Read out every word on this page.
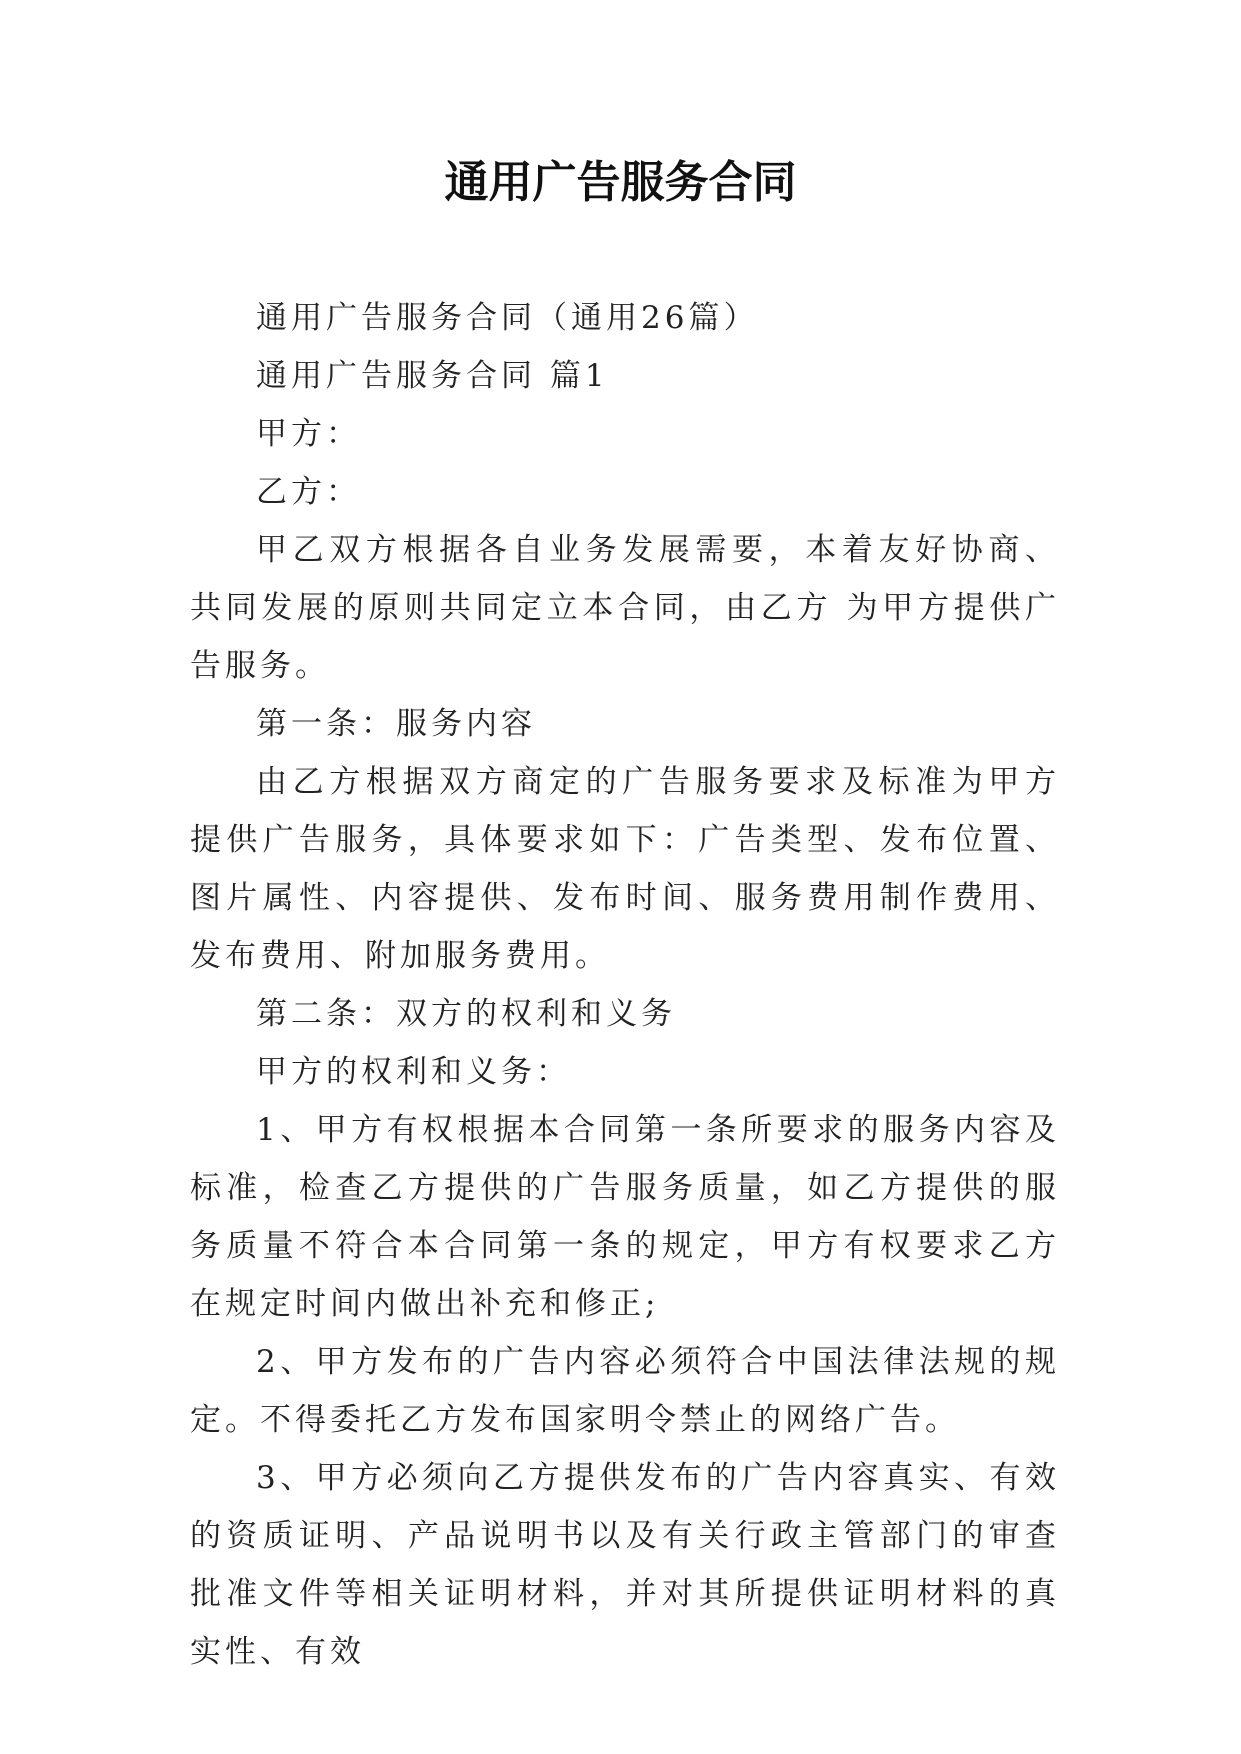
通用广告服务合同

通用广告服务合同（通用26篇）

通用广告服务合同 篇1

甲方：

乙方：

甲乙双方根据各自业务发展需要，本着友好协商、共同发展的原则共同定立本合同，由乙方 为甲方提供广告服务。

第一条：服务内容

由乙方根据双方商定的广告服务要求及标准为甲方提供广告服务，具体要求如下：广告类型、发布位置、图片属性、内容提供、发布时间、服务费用制作费用、发布费用、附加服务费用。

第二条：双方的权利和义务

甲方的权利和义务：

1、甲方有权根据本合同第一条所要求的服务内容及标准，检查乙方提供的广告服务质量，如乙方提供的服务质量不符合本合同第一条的规定，甲方有权要求乙方在规定时间内做出补充和修正;

2、甲方发布的广告内容必须符合中国法律法规的规定。不得委托乙方发布国家明令禁止的网络广告。

3、甲方必须向乙方提供发布的广告内容真实、有效的资质证明、产品说明书以及有关行政主管部门的审查批准文件等相关证明材料，并对其所提供证明材料的真实性、有效
